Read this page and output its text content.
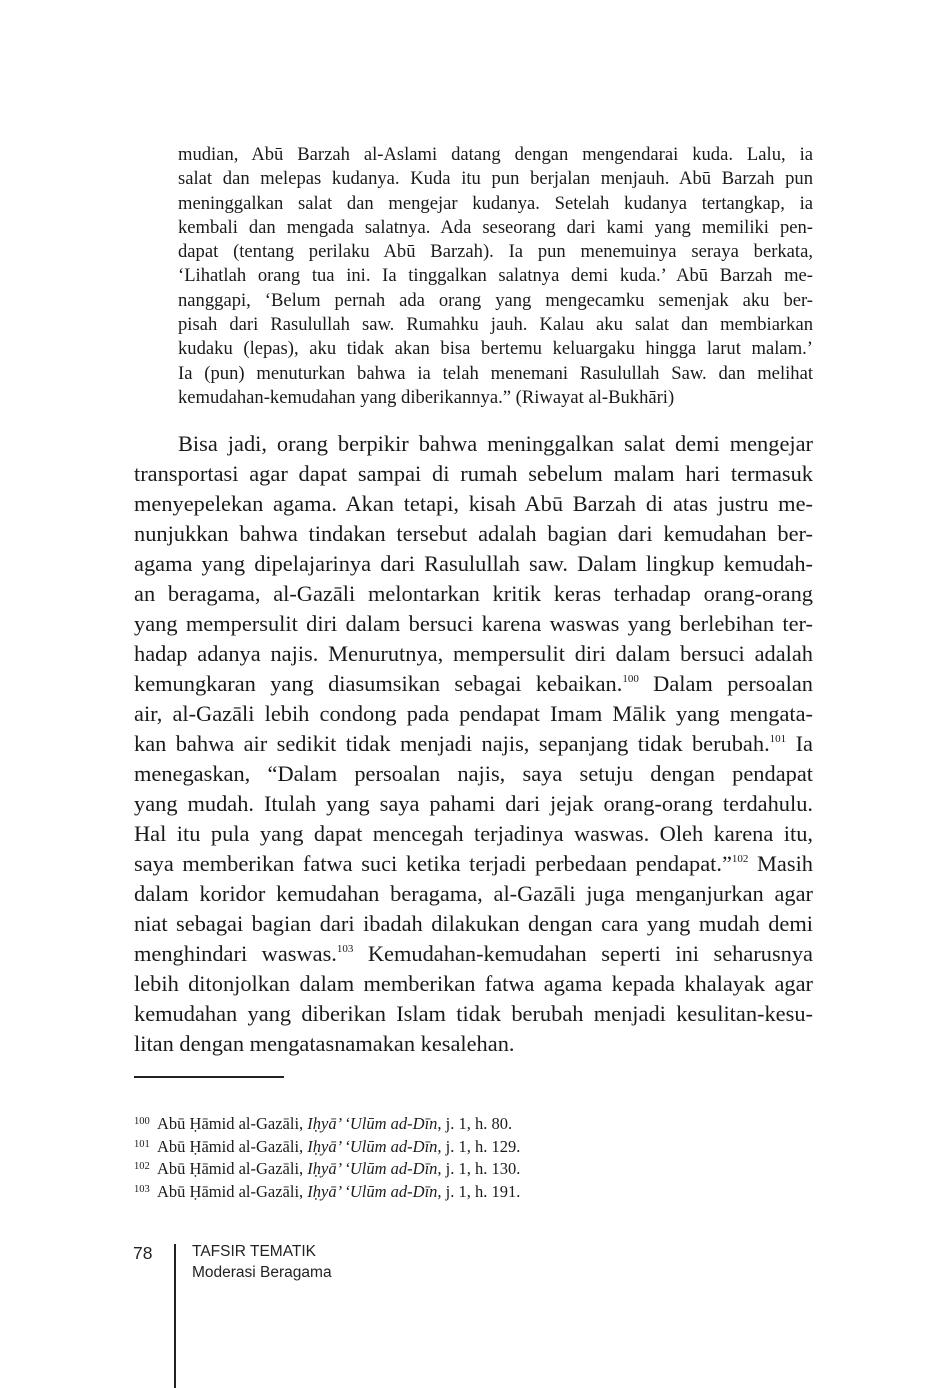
mudian, Abū Barzah al-Aslami datang dengan mengendarai kuda. Lalu, ia
salat dan melepas kudanya. Kuda itu pun berjalan menjauh. Abū Barzah pun
meninggalkan salat dan mengejar kudanya. Setelah kudanya tertangkap, ia
kembali dan mengada salatnya. Ada seseorang dari kami yang memiliki pen-
dapat (tentang perilaku Abū Barzah). Ia pun menemuinya seraya berkata,
‘Lihatlah orang tua ini. Ia tinggalkan salatnya demi kuda.’ Abū Barzah me-
nanggapi, ‘Belum pernah ada orang yang mengecamku semenjak aku ber-
pisah dari Rasulullah saw. Rumahku jauh. Kalau aku salat dan membiarkan
kudaku (lepas), aku tidak akan bisa bertemu keluargaku hingga larut malam.’
Ia (pun) menuturkan bahwa ia telah menemani Rasulullah Saw. dan melihat
kemudahan-kemudahan yang diberikannya.” (Riwayat al-Bukhāri)
Bisa jadi, orang berpikir bahwa meninggalkan salat demi mengejar
transportasi agar dapat sampai di rumah sebelum malam hari termasuk
menyepelekan agama. Akan tetapi, kisah Abū Barzah di atas justru me-
nunjukkan bahwa tindakan tersebut adalah bagian dari kemudahan ber-
agama yang dipelajarinya dari Rasulullah saw. Dalam lingkup kemudah-
an beragama, al-Gazāli melontarkan kritik keras terhadap orang-orang
yang mempersulit diri dalam bersuci karena waswas yang berlebihan ter-
hadap adanya najis. Menurutnya, mempersulit diri dalam bersuci adalah
kemungkaran yang diasumsikan sebagai kebaikan.$^{100}$ Dalam persoalan
air, al-Gazāli lebih condong pada pendapat Imam Mālik yang mengata-
kan bahwa air sedikit tidak menjadi najis, sepanjang tidak berubah.$^{101}$ Ia
menegaskan, “Dalam persoalan najis, saya setuju dengan pendapat
yang mudah. Itulah yang saya pahami dari jejak orang-orang terdahulu.
Hal itu pula yang dapat mencegah terjadinya waswas. Oleh karena itu,
saya memberikan fatwa suci ketika terjadi perbedaan pendapat.”$^{102}$ Masih
dalam koridor kemudahan beragama, al-Gazāli juga menganjurkan agar
niat sebagai bagian dari ibadah dilakukan dengan cara yang mudah demi
menghindari waswas.$^{103}$ Kemudahan-kemudahan seperti ini seharusnya
lebih ditonjolkan dalam memberikan fatwa agama kepada khalayak agar
kemudahan yang diberikan Islam tidak berubah menjadi kesulitan-kesu-
litan dengan mengatasnamakan kesalehan.
100 Abū Ḥāmid al-Gazāli, Iḥyā’ ‘Ulūm ad-Dīn, j. 1, h. 80.
101 Abū Ḥāmid al-Gazāli, Iḥyā’ ‘Ulūm ad-Dīn, j. 1, h. 129.
102 Abū Ḥāmid al-Gazāli, Iḥyā’ ‘Ulūm ad-Dīn, j. 1, h. 130.
103 Abū Ḥāmid al-Gazāli, Iḥyā’ ‘Ulūm ad-Dīn, j. 1, h. 191.
78	TAFSIR TEMATIK
Moderasi Beragama
